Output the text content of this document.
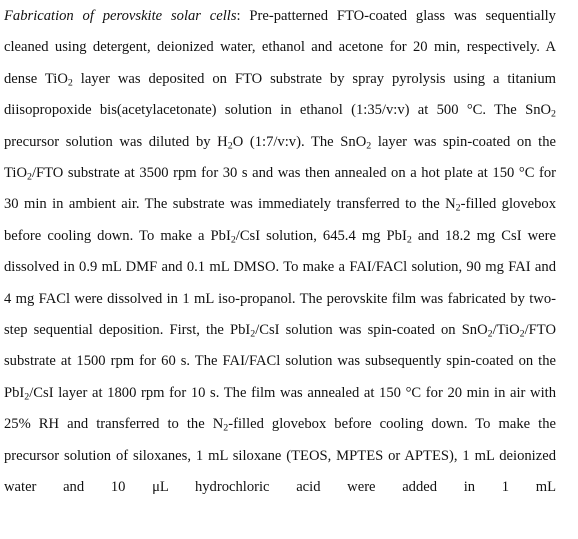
Fabrication of perovskite solar cells: Pre-patterned FTO-coated glass was sequentially cleaned using detergent, deionized water, ethanol and acetone for 20 min, respectively. A dense TiO$_2$ layer was deposited on FTO substrate by spray pyrolysis using a titanium diisopropoxide bis(acetylacetonate) solution in ethanol (1:35/v:v) at 500 °C. The SnO$_2$ precursor solution was diluted by $H_2O$ (1:7/v:v). The SnO$_2$ layer was spin-coated on the TiO$_2$/FTO substrate at 3500 rpm for 30 s and was then annealed on a hot plate at 150 °C for 30 min in ambient air. The substrate was immediately transferred to the $N_2$-filled glovebox before cooling down. To make a PbI$_2$/CsI solution, 645.4 mg PbI$_2$ and 18.2 mg CsI were dissolved in 0.9 mL DMF and 0.1 mL DMSO. To make a FAI/FACl solution, 90 mg FAI and 4 mg FACl were dissolved in 1 mL iso-propanol. The perovskite film was fabricated by two-step sequential deposition. First, the PbI$_2$/CsI solution was spin-coated on SnO$_2$/TiO$_2$/FTO substrate at 1500 rpm for 60 s. The FAI/FACl solution was subsequently spin-coated on the PbI$_2$/CsI layer at 1800 rpm for 10 s. The film was annealed at 150 °C for 20 min in air with 25% RH and transferred to the $N_2$-filled glovebox before cooling down. To make the precursor solution of siloxanes, 1 mL siloxane (TEOS, MPTES or APTES), 1 mL deionized water and 10 μL hydrochloric acid were added in 1 mL
